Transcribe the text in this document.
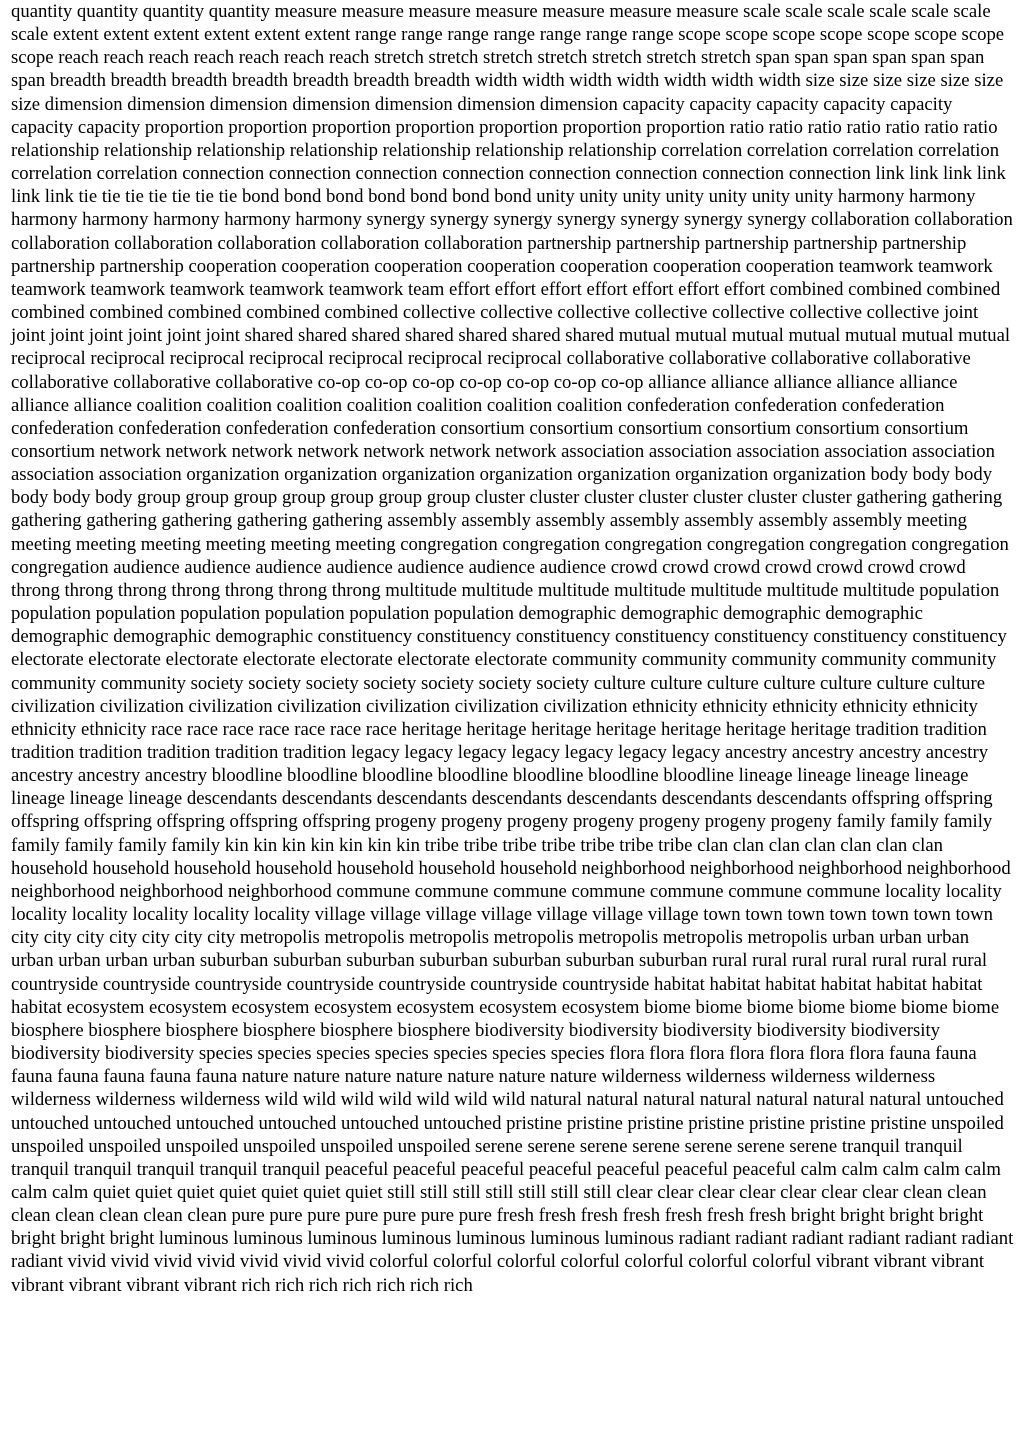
quantity quantity quantity quantity measure measure measure measure measure measure measure scale scale scale scale scale scale scale extent extent extent extent extent extent range range range range range range range scope scope scope scope scope scope scope scope reach reach reach reach reach reach reach stretch stretch stretch stretch stretch stretch stretch span span span span span span span breadth breadth breadth breadth breadth breadth breadth width width width width width width width size size size size size size size dimension dimension dimension dimension dimension dimension dimension capacity capacity capacity capacity capacity capacity capacity proportion proportion proportion proportion proportion proportion proportion ratio ratio ratio ratio ratio ratio ratio relationship relationship relationship relationship relationship relationship relationship correlation correlation correlation correlation correlation correlation connection connection connection connection connection connection connection connection link link link link link link tie tie tie tie tie tie tie bond bond bond bond bond bond bond unity unity unity unity unity unity unity harmony harmony harmony harmony harmony harmony harmony synergy synergy synergy synergy synergy synergy synergy collaboration collaboration collaboration collaboration collaboration collaboration collaboration partnership partnership partnership partnership partnership partnership partnership cooperation cooperation cooperation cooperation cooperation cooperation cooperation teamwork teamwork teamwork teamwork teamwork teamwork teamwork team effort effort effort effort effort effort effort combined combined combined combined combined combined combined combined collective collective collective collective collective collective collective joint joint joint joint joint joint joint shared shared shared shared shared shared shared mutual mutual mutual mutual mutual mutual mutual reciprocal reciprocal reciprocal reciprocal reciprocal reciprocal reciprocal collaborative collaborative collaborative collaborative collaborative collaborative collaborative co-op co-op co-op co-op co-op co-op co-op alliance alliance alliance alliance alliance alliance alliance coalition coalition coalition coalition coalition coalition coalition confederation confederation confederation confederation confederation confederation confederation consortium consortium consortium consortium consortium consortium consortium network network network network network network network association association association association association association association organization organization organization organization organization organization organization body body body body body body group group group group group group group cluster cluster cluster cluster cluster cluster cluster gathering gathering gathering gathering gathering gathering gathering assembly assembly assembly assembly assembly assembly assembly meeting meeting meeting meeting meeting meeting meeting congregation congregation congregation congregation congregation congregation congregation audience audience audience audience audience audience audience crowd crowd crowd crowd crowd crowd crowd throng throng throng throng throng throng throng multitude multitude multitude multitude multitude multitude multitude population population population population population population population demographic demographic demographic demographic demographic demographic demographic constituency constituency constituency constituency constituency constituency constituency electorate electorate electorate electorate electorate electorate electorate community community community community community community community society society society society society society society culture culture culture culture culture culture culture civilization civilization civilization civilization civilization civilization civilization ethnicity ethnicity ethnicity ethnicity ethnicity ethnicity ethnicity race race race race race race race heritage heritage heritage heritage heritage heritage heritage tradition tradition tradition tradition tradition tradition tradition legacy legacy legacy legacy legacy legacy legacy ancestry ancestry ancestry ancestry ancestry ancestry ancestry bloodline bloodline bloodline bloodline bloodline bloodline bloodline lineage lineage lineage lineage lineage lineage lineage descendants descendants descendants descendants descendants descendants descendants offspring offspring offspring offspring offspring offspring offspring progeny progeny progeny progeny progeny progeny progeny family family family family family family family kin kin kin kin kin kin kin tribe tribe tribe tribe tribe tribe tribe clan clan clan clan clan clan clan household household household household household household household neighborhood neighborhood neighborhood neighborhood neighborhood neighborhood neighborhood commune commune commune commune commune commune commune locality locality locality locality locality locality locality village village village village village village village town town town town town town town city city city city city city city metropolis metropolis metropolis metropolis metropolis metropolis metropolis urban urban urban urban urban urban urban suburban suburban suburban suburban suburban suburban suburban rural rural rural rural rural rural rural countryside countryside countryside countryside countryside countryside countryside habitat habitat habitat habitat habitat habitat habitat ecosystem ecosystem ecosystem ecosystem ecosystem ecosystem ecosystem biome biome biome biome biome biome biome biosphere biosphere biosphere biosphere biosphere biosphere biodiversity biodiversity biodiversity biodiversity biodiversity biodiversity biodiversity species species species species species species species flora flora flora flora flora flora flora fauna fauna fauna fauna fauna fauna fauna nature nature nature nature nature nature nature wilderness wilderness wilderness wilderness wilderness wilderness wilderness wild wild wild wild wild wild wild natural natural natural natural natural natural natural untouched untouched untouched untouched untouched untouched untouched pristine pristine pristine pristine pristine pristine pristine unspoiled unspoiled unspoiled unspoiled unspoiled unspoiled unspoiled serene serene serene serene serene serene serene tranquil tranquil tranquil tranquil tranquil tranquil tranquil peaceful peaceful peaceful peaceful peaceful peaceful peaceful calm calm calm calm calm calm calm quiet quiet quiet quiet quiet quiet quiet still still still still still still still clear clear clear clear clear clear clear clean clean clean clean clean clean clean pure pure pure pure pure pure pure fresh fresh fresh fresh fresh fresh fresh bright bright bright bright bright bright bright luminous luminous luminous luminous luminous luminous luminous radiant radiant radiant radiant radiant radiant radiant vivid vivid vivid vivid vivid vivid vivid colorful colorful colorful colorful colorful colorful colorful vibrant vibrant vibrant vibrant vibrant vibrant vibrant rich rich rich rich rich rich rich
